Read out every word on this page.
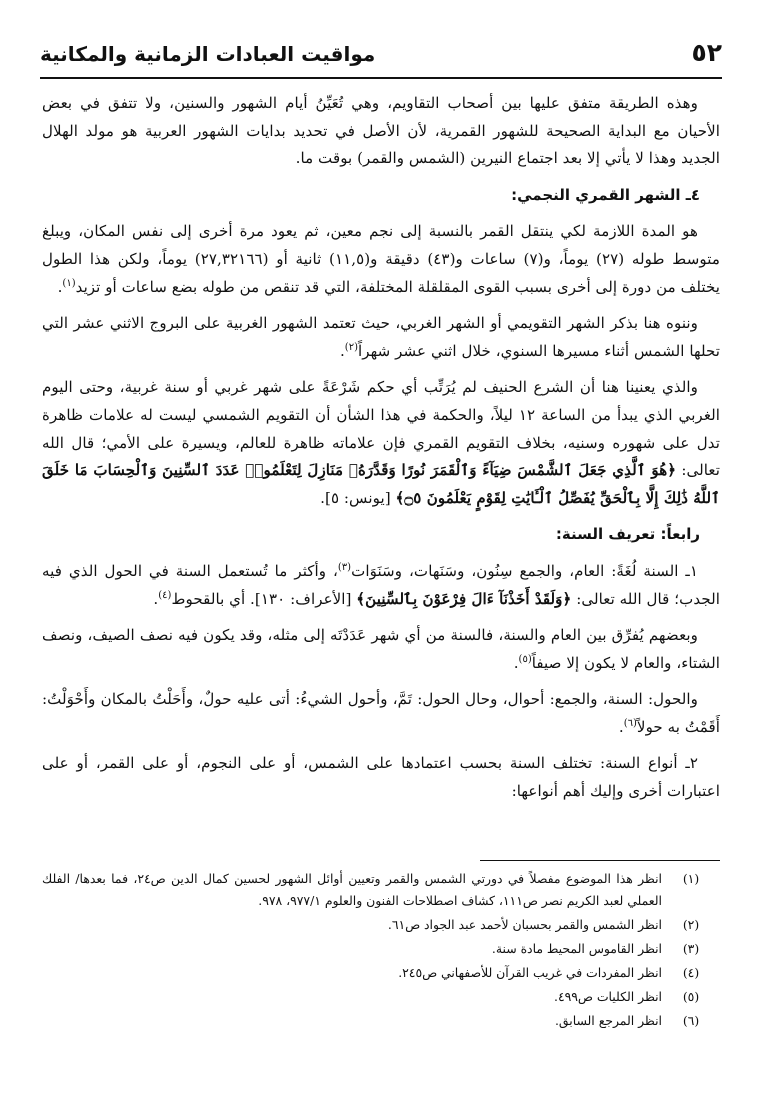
٥٢
مواقيت العبادات الزمانية والمكانية

وهذه الطريقة متفق عليها بين أصحاب التقاويم، وهي تُعَيِّنُ أيام الشهور والسنين، ولا تتفق في بعض الأحيان مع البداية الصحيحة للشهور القمرية، لأن الأصل في تحديد بدايات الشهور العربية هو مولد الهلال الجديد وهذا لا يأتي إلا بعد اجتماع النيرين (الشمس والقمر) بوقت ما.

٤ـ الشهر القمري النجمي:

هو المدة اللازمة لكي ينتقل القمر بالنسبة إلى نجم معين، ثم يعود مرة أخرى إلى نفس المكان، ويبلغ متوسط طوله (٢٧) يوماً، و(٧) ساعات و(٤٣) دقيقة و(١١,٥) ثانية أو (٢٧,٣٢١٦٦) يوماً، ولكن هذا الطول يختلف من دورة إلى أخرى بسبب القوى المقلقلة المختلفة، التي قد تنقص من طوله بضع ساعات أو تزيد$^{(١)}$.

وننوه هنا بذكر الشهر التقويمي أو الشهر الغربي، حيث تعتمد الشهور الغربية على البروج الاثني عشر التي تحلها الشمس أثناء مسيرها السنوي، خلال اثني عشر شهراً$^{(٢)}$.

والذي يعنينا هنا أن الشرع الحنيف لم يُرَتِّب أي حكم شَرْعَةً على شهر غربي أو سنة غربية، وحتى اليوم الغربي الذي يبدأ من الساعة ١٢ ليلاً، والحكمة في هذا الشأن أن التقويم الشمسي ليست له علامات ظاهرة تدل على شهوره وسنيه، بخلاف التقويم القمري فإن علاماته ظاهرة للعالم، ويسيرة على الأمي؛ قال الله تعالى: ﴿هُوَ ٱلَّذِي جَعَلَ ٱلشَّمْسَ ضِيَآءً وَٱلْقَمَرَ نُورًا وَقَدَّرَهُۥ مَنَازِلَ لِتَعْلَمُوا۟ عَدَدَ ٱلسِّنِينَ وَٱلْحِسَابَ مَا خَلَقَ ٱللَّهُ ذَٰلِكَ إِلَّا بِٱلْحَقِّ يُفَصِّلُ ٱلْـَٔايَٰتِ لِقَوْمٍ يَعْلَمُونَ ۝٥﴾ [يونس: ٥].

رابعاً: تعريف السنة:

١ـ السنة لُغَةً: العام، والجمع سِنُون، وسَنَهات، وسَنَوَات$^{(٣)}$، وأكثر ما تُستعمل السنة في الحول الذي فيه الجدب؛ قال الله تعالى: ﴿وَلَقَدْ أَخَذْنَآ ءَالَ فِرْعَوْنَ بِٱلسِّنِينَ﴾ [الأعراف: ١٣٠]. أي بالقحوط$^{(٤)}$.

وبعضهم يُفرِّق بين العام والسنة، فالسنة من أي شهر عَدَدْتَه إلى مثله، وقد يكون فيه نصف الصيف، ونصف الشتاء، والعام لا يكون إلا صيفاً$^{(٥)}$.

والحول: السنة، والجمع: أحوال، وحال الحول: تَمَّ، وأحول الشيءُ: أتى عليه حولٌ، وأَحَلْتُ بالمكان وأَحْوَلْتُ: أَقَمْتُ به حولاً$^{(٦)}$.

٢ـ أنواع السنة: تختلف السنة بحسب اعتمادها على الشمس، أو على النجوم، أو على القمر، أو على اعتبارات أخرى وإليك أهم أنواعها:

(١)
انظر هذا الموضوع مفصلاً في دورتي الشمس والقمر وتعيين أوائل الشهور لحسين كمال الدين ص٢٤، فما بعدها/ الفلك العملي لعبد الكريم نصر ص١١١، كشاف اصطلاحات الفنون والعلوم ٩٧٧/١، ٩٧٨.
(٢)
انظر الشمس والقمر بحسبان لأحمد عبد الجواد ص٦١.
(٣)
انظر القاموس المحيط مادة سنة.
(٤)
انظر المفردات في غريب القرآن للأصفهاني ص٢٤٥.
(٥)
انظر الكليات ص٤٩٩.
(٦)
انظر المرجع السابق.
